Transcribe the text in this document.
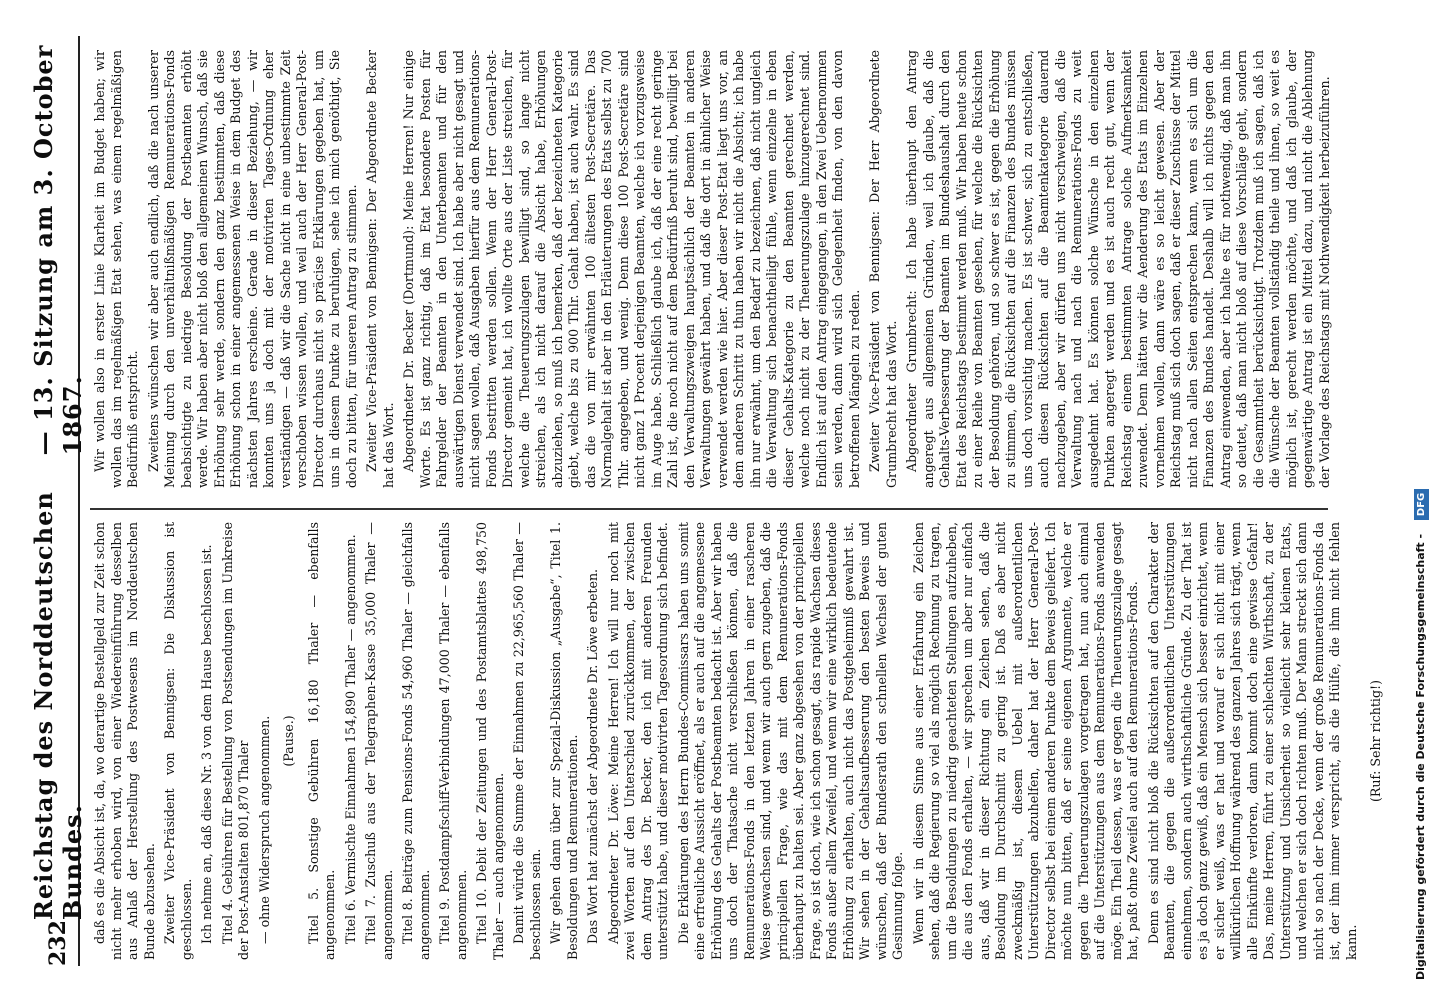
232
Reichstag des Norddeutschen Bundes.
— 13. Sitzung am 3. October 1867.

daß es die Absicht ist, da, wo derartige Bestellgeld zur Zeit schon nicht mehr erhoben wird, von einer Wiedereinführung desselben aus Anlaß der Herstellung des Postwesens im Norddeutschen Bunde abzusehen. Zweiter Vice-Präsident von Bennigsen: Die Diskussion ist geschlossen. Ich nehme an, daß diese Nr. 3 von dem Hause beschlossen ist. Titel 4. Gebühren für Bestellung von Postsendungen im Umkreise der Post-Anstalten 801,870 Thaler — ohne Widerspruch angenommen. (Pause.) Titel 5. Sonstige Gebühren 16,180 Thaler — ebenfalls angenommen. Titel 6. Vermischte Einnahmen 154,890 Thaler — angenommen. Titel 7. Zuschuß aus der Telegraphen-Kasse 35,000 Thaler — angenommen. Titel 8. Beiträge zum Pensions-Fonds 54,960 Thaler — gleichfalls angenommen. Titel 9. Postdampfschiff-Verbindungen 47,000 Thaler — ebenfalls angenommen. Titel 10. Debit der Zeitungen und des Postamtsblattes 498,750 Thaler — auch angenommen. Damit würde die Summe der Einnahmen zu 22,965,560 Thaler — beschlossen sein. Wir gehen dann über zur Spezial-Diskussion „Ausgabe“, Titel 1. Besoldungen und Remunerationen. Das Wort hat zunächst der Abgeordnete Dr. Löwe erbeten. Abgeordneter Dr. Löwe: Meine Herren! Ich will nur noch mit zwei Worten auf den Unterschied zurückkommen, der zwischen dem Antrag des Dr. Becker, den ich mit anderen Freunden unterstützt habe, und dieser motivirten Tagesordnung sich befindet. Die Erklärungen des Herrn Bundes-Commissars haben uns somit eine erfreuliche Aussicht eröffnet, als er auch auf die angemessene Erhöhung des Gehalts der Postbeamten bedacht ist. Aber wir haben uns doch der Thatsache nicht verschließen können, daß die Remunerations-Fonds in den letzten Jahren in einer rascheren Weise gewachsen sind, und wenn wir auch gern zugeben, daß die principiellen Frage, wie das mit dem Remunerations-Fonds überhaupt zu halten sei. Aber ganz abgesehen von der principiellen Frage, so ist doch, wie ich schon gesagt, das rapide Wachsen dieses Fonds außer allem Zweifel, und wenn wir eine wirklich bedeutende Erhöhung zu erhalten, auch nicht das Postgeheimniß gewahrt ist. Wir sehen in der Gehaltsaufbesserung den besten Beweis und wünschen, daß der Bundesrath den schnellen Wechsel der guten Gesinnung folge. Wenn wir in diesem Sinne aus einer Erfahrung ein Zeichen sehen, daß die Regierung so viel als möglich Rechnung zu tragen, um die Besoldungen zu niedrig geachteten Stellungen aufzuheben, die aus den Fonds erhalten, — wir sprechen um aber nur einfach aus, daß wir in dieser Richtung ein Zeichen sehen, daß die Besoldung im Durchschnitt zu gering ist. Daß es aber nicht zweckmäßig ist, diesem Uebel mit außerordentlichen Unterstützungen abzuhelfen, daher hat der Herr General-Post-Director selbst bei einem anderen Punkte dem Beweis geliefert. Ich möchte nun bitten, daß er seine eigenen Argumente, welche er gegen die Theuerungszulagen vorgetragen hat, nun auch einmal auf die Unterstützungen aus dem Remunerations-Fonds anwenden möge. Ein Theil dessen, was er gegen die Theuerungszulage gesagt hat, paßt ohne Zweifel auch auf den Remunerations-Fonds. Denn es sind nicht bloß die Rücksichten auf den Charakter der Beamten, die gegen die außerordentlichen Unterstützungen einnehmen, sondern auch wirthschaftliche Gründe. Zu der That ist es ja doch ganz gewiß, daß ein Mensch sich besser einrichtet, wenn er sicher weiß, was er hat und worauf er sich nicht mit einer willkürlichen Hoffnung während des ganzen Jahres sich trägt, wenn alle Einkünfte verloren, dann kommt doch eine gewisse Gefahr! Das, meine Herren, führt zu einer schlechten Wirthschaft, zu der Unterstützung und Unsicherheit so vielleicht sehr kleinen Etats, und welchen er sich doch richten muß. Der Mann streckt sich dann nicht so nach der Decke, wenn der große Remunerations-Fonds da ist, der ihm immer verspricht, als die Hülfe, die ihm nicht fehlen kann.

(Ruf: Sehr richtig!)

Wir wollen also in erster Linie Klarheit im Budget haben; wir wollen das im regelmäßigen Etat sehen, was einem regelmäßigen Bedürfniß entspricht. Zweitens wünschen wir aber auch endlich, daß die nach unserer Meinung durch den unverhältnißmäßigen Remunerations-Fonds beabsichtigte zu niedrige Besoldung der Postbeamten erhöht werde. Wir haben aber nicht bloß den allgemeinen Wunsch, daß sie Erhöhung sehr werde, sondern den ganz bestimmten, daß diese Erhöhung schon in einer angemessenen Weise in dem Budget des nächsten Jahres erscheine. Gerade in dieser Beziehung, — wir konnten uns ja doch mit der motivirten Tages-Ordnung eher verständigen — daß wir die Sache nicht in eine unbestimmte Zeit verschoben wissen wollen, und weil auch der Herr General-Post-Director durchaus nicht so präcise Erklärungen gegeben hat, um uns in diesem Punkte zu beruhigen, sehe ich mich genöthigt, Sie doch zu bitten, für unseren Antrag zu stimmen. Zweiter Vice-Präsident von Bennigsen: Der Abgeordnete Becker hat das Wort. Abgeordneter Dr. Becker (Dortmund): Meine Herren! Nur einige Worte. Es ist ganz richtig, daß im Etat besondere Posten für Fahrgelder der Beamten in den Unterbeamten und für den auswärtigen Dienst verwendet sind. Ich habe aber nicht gesagt und nicht sagen wollen, daß Ausgaben hierfür aus dem Remunerations-Fonds bestritten werden sollen. Wenn der Herr General-Post-Director gemeint hat, ich wollte Orte aus der Liste streichen, für welche die Theuerungszulagen bewilligt sind, so lange nicht streichen, als ich nicht darauf die Absicht habe, Erhöhungen abzuziehen, so muß ich bemerken, daß der bezeichneten Kategorie giebt, welche bis zu 900 Thlr. Gehalt haben, ist auch wahr. Es sind das die von mir erwähnten 100 ältesten Post-Secretäre. Das Normalgehalt ist aber in den Erläuterungen des Etats selbst zu 700 Thlr. angegeben, und wenig. Denn diese 100 Post-Secretäre sind nicht ganz 1 Procent derjenigen Beamten, welche ich vorzugsweise im Auge habe. Schließlich glaube ich, daß der eine recht geringe Zahl ist, die noch nicht auf dem Bedürfniß beruht sind, bewilligt bei den Verwaltungszweigen hauptsächlich der Beamten in anderen Verwaltungen gewährt haben, und daß die dort in ähnlicher Weise verwendet werden wie hier. Aber dieser Post-Etat liegt uns vor, an dem anderen Schritt zu thun haben wir nicht die Absicht; ich habe ihn nur erwähnt, um den Bedarf zu bezeichnen, daß nicht ungleich die Verwaltung sich benachtheiligt fühle, wenn einzelne in eben dieser Gehalts-Kategorie zu den Beamten gerechnet werden, welche noch nicht zu der Theuerungszulage hinzugerechnet sind. Endlich ist auf den Antrag eingegangen, in den Zwei Uebernommen sein werden, dann wird sich Gelegenheit finden, von den davon betroffenen Mängeln zu reden. Zweiter Vice-Präsident von Bennigsen: Der Herr Abgeordnete Grumbrecht hat das Wort. Abgeordneter Grumbrecht: Ich habe überhaupt den Antrag angeregt aus allgemeinen Gründen, weil ich glaube, daß die Gehalts-Verbesserung der Beamten im Bundeshaushalt durch den Etat des Reichstags bestimmt werden muß. Wir haben heute schon zu einer Reihe von Beamten gesehen, für welche die Rücksichten der Besoldung gehören, und so schwer es ist, gegen die Erhöhung zu stimmen, die Rücksichten auf die Finanzen des Bundes müssen uns doch vorsichtig machen. Es ist schwer, sich zu entschließen, auch diesen Rücksichten auf die Beamtenkategorie dauernd nachzugeben, aber wir dürfen uns nicht verschweigen, daß die Verwaltung nach und nach die Remunerations-Fonds zu weit ausgedehnt hat. Es können solche Wünsche in den einzelnen Punkten angeregt werden und es ist auch recht gut, wenn der Reichstag einem bestimmten Antrage solche Aufmerksamkeit zuwendet. Denn hätten wir die Aenderung des Etats im Einzelnen vornehmen wollen, dann wäre es so leicht gewesen. Aber der Reichstag muß sich doch sagen, daß er dieser Zuschüsse der Mittel nicht nach allen Seiten entsprechen kann, wenn es sich um die Finanzen des Bundes handelt. Deshalb will ich nichts gegen den Antrag einwenden, aber ich halte es für nothwendig, daß man ihn so deutet, daß man nicht bloß auf diese Vorschläge geht, sondern die Gesammtheit berücksichtigt. Trotzdem muß ich sagen, daß ich die Wünsche der Beamten vollständig theile und ihnen, so weit es möglich ist, gerecht werden möchte, und daß ich glaube, der gegenwärtige Antrag ist ein Mittel dazu, und nicht die Ablehnung der Vorlage des Reichstags mit Nothwendigkeit herbeizuführen.

Digitalisierung gefördert durch die Deutsche Forschungsgemeinschaft - DFG
